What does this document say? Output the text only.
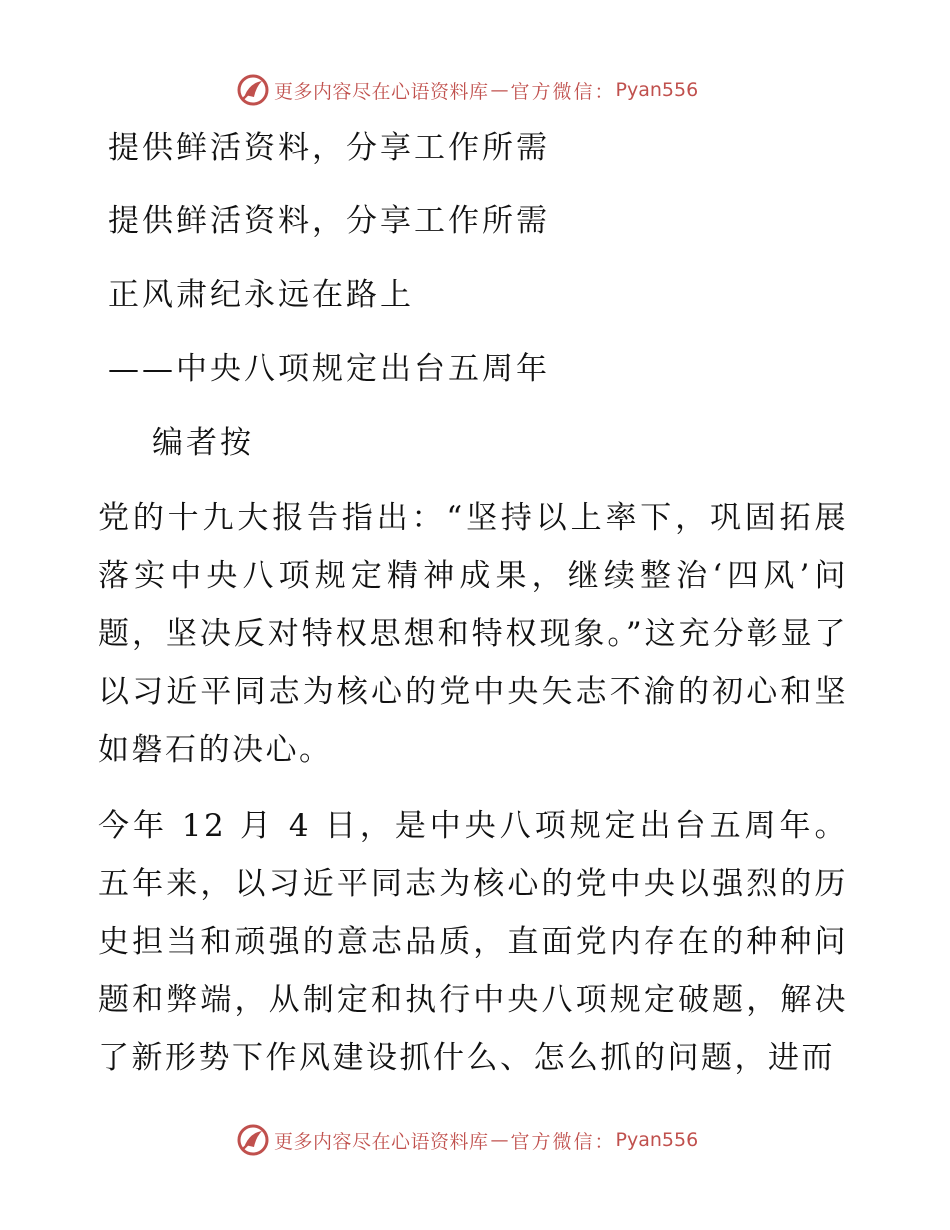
更多内容尽在心语资料库 — 官方微信： Pyan556
提供鲜活资料，分享工作所需
提供鲜活资料，分享工作所需
正风肃纪永远在路上
——中央八项规定出台五周年
编者按
党的十九大报告指出：“坚持以上率下，巩固拓展落实中央八项规定精神成果，继续整治‘四风’问题，坚决反对特权思想和特权现象。”这充分彰显了以习近平同志为核心的党中央矢志不渝的初心和坚如磐石的决心。
今年 12 月 4 日，是中央八项规定出台五周年。五年来，以习近平同志为核心的党中央以强烈的历史担当和顽强的意志品质，直面党内存在的种种问题和弊端，从制定和执行中央八项规定破题，解决了新形势下作风建设抓什么、怎么抓的问题，进而
更多内容尽在心语资料库 — 官方微信： Pyan556
